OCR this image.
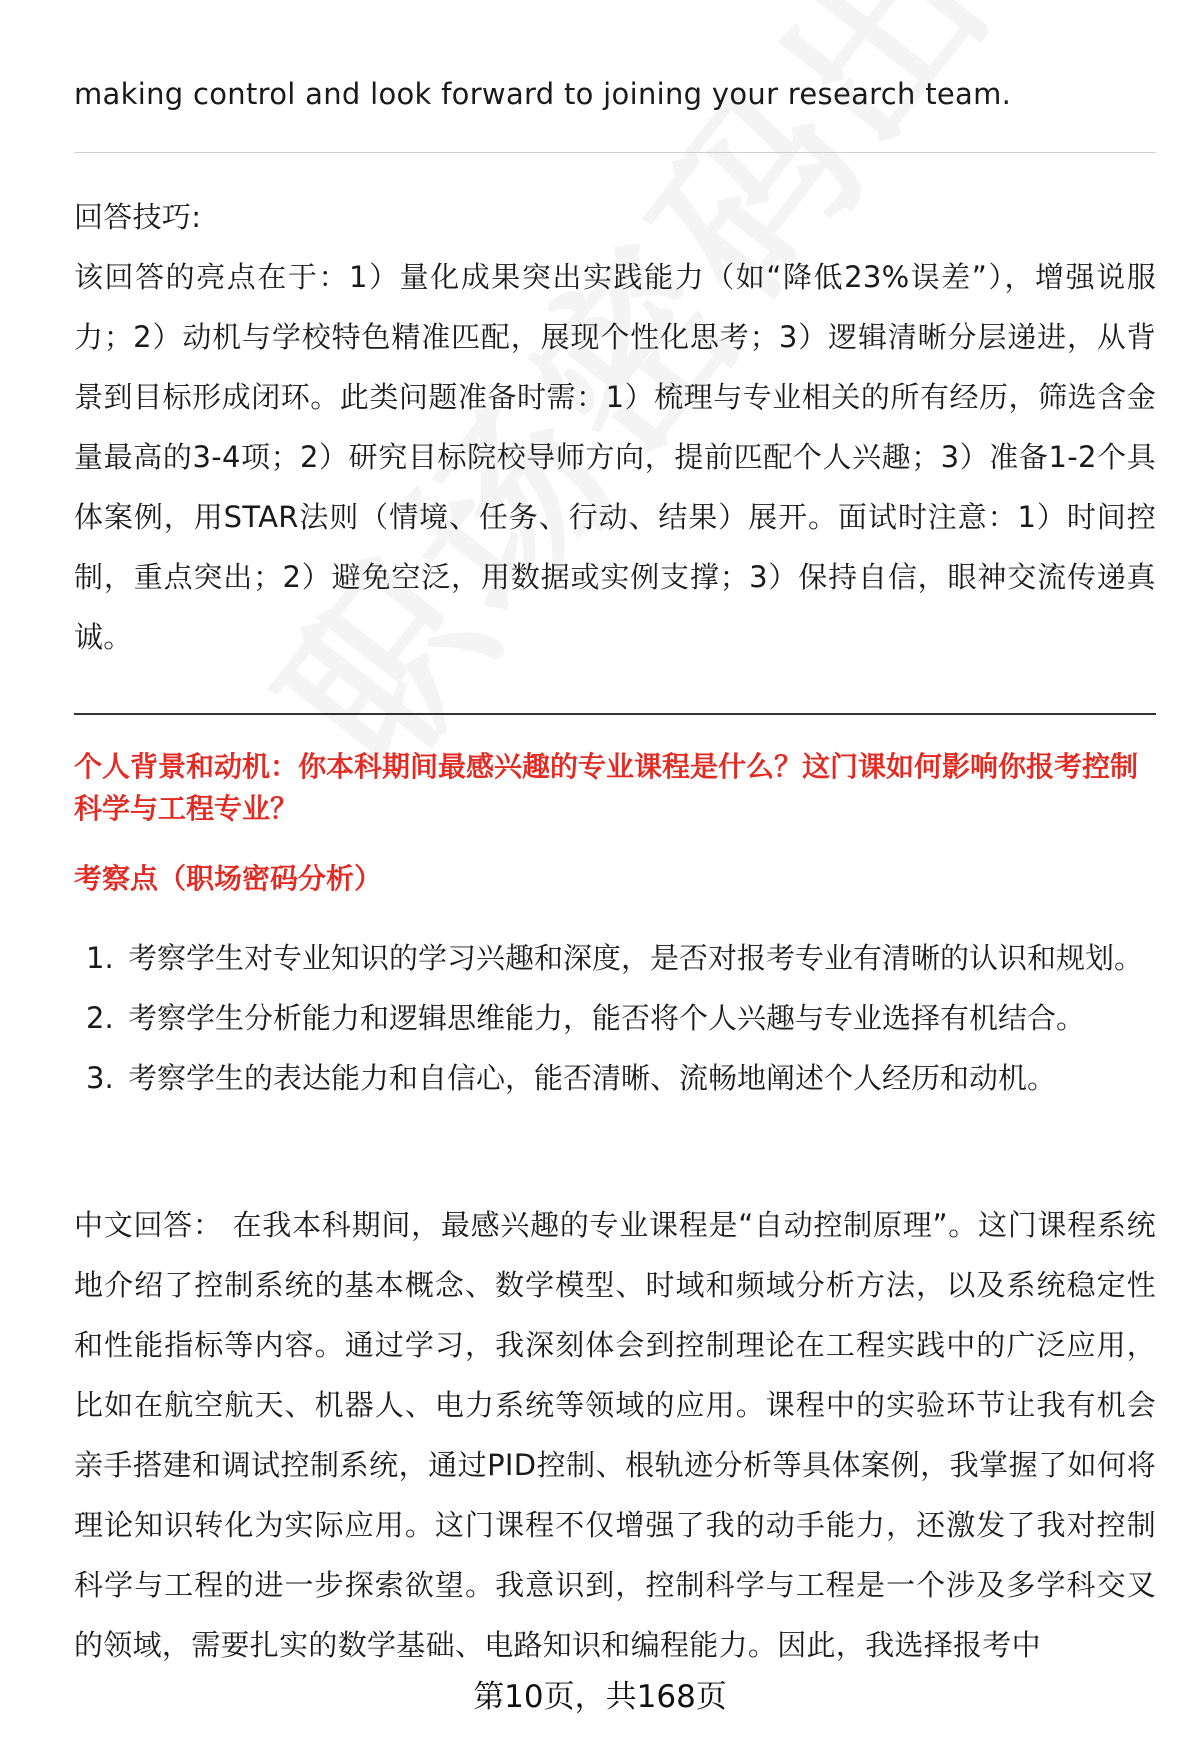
making control and look forward to joining your research team.

回答技巧:

该回答的亮点在于：1）量化成果突出实践能力（如“降低23%误差”），增强说服力；2）动机与学校特色精准匹配，展现个性化思考；3）逻辑清晰分层递进，从背景到目标形成闭环。此类问题准备时需：1）梳理与专业相关的所有经历，筛选含金量最高的3-4项；2）研究目标院校导师方向，提前匹配个人兴趣；3）准备1-2个具体案例，用STAR法则（情境、任务、行动、结果）展开。面试时注意：1）时间控制，重点突出；2）避免空泛，用数据或实例支撑；3）保持自信，眼神交流传递真诚。

个人背景和动机：你本科期间最感兴趣的专业课程是什么？这门课如何影响你报考控制科学与工程专业？

考察点（职场密码分析）

1. 考察学生对专业知识的学习兴趣和深度，是否对报考专业有清晰的认识和规划。
2. 考察学生分析能力和逻辑思维能力，能否将个人兴趣与专业选择有机结合。
3. 考察学生的表达能力和自信心，能否清晰、流畅地阐述个人经历和动机。

中文回答： 在我本科期间，最感兴趣的专业课程是“自动控制原理”。这门课程系统地介绍了控制系统的基本概念、数学模型、时域和频域分析方法，以及系统稳定性和性能指标等内容。通过学习，我深刻体会到控制理论在工程实践中的广泛应用，比如在航空航天、机器人、电力系统等领域的应用。课程中的实验环节让我有机会亲手搭建和调试控制系统，通过PID控制、根轨迹分析等具体案例，我掌握了如何将理论知识转化为实际应用。这门课程不仅增强了我的动手能力，还激发了我对控制科学与工程的进一步探索欲望。我意识到，控制科学与工程是一个涉及多学科交叉的领域，需要扎实的数学基础、电路知识和编程能力。因此，我选择报考中

第10页，共168页
